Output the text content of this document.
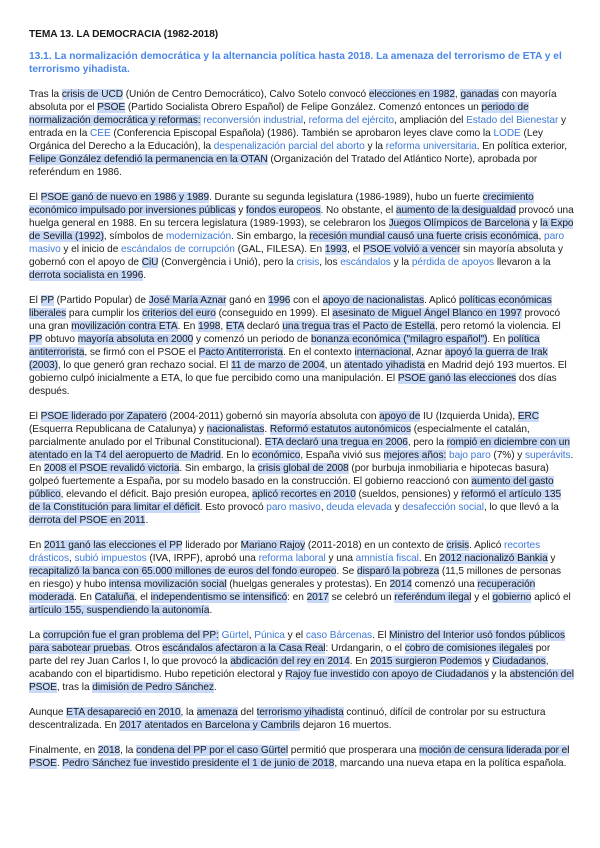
TEMA 13. LA DEMOCRACIA (1982-2018)
13.1. La normalización democrática y la alternancia política hasta 2018. La amenaza del terrorismo de ETA y el terrorismo yihadista.

Tras la crisis de UCD (Unión de Centro Democrático), Calvo Sotelo convocó elecciones en 1982, ganadas con mayoría absoluta por el PSOE (Partido Socialista Obrero Español) de Felipe González. Comenzó entonces un periodo de normalización democrática y reformas: reconversión industrial, reforma del ejército, ampliación del Estado del Bienestar y entrada en la CEE (Conferencia Episcopal Española) (1986). También se aprobaron leyes clave como la LODE (Ley Orgánica del Derecho a la Educación), la despenalización parcial del aborto y la reforma universitaria. En política exterior, Felipe González defendió la permanencia en la OTAN (Organización del Tratado del Atlántico Norte), aprobada por referéndum en 1986.

El PSOE ganó de nuevo en 1986 y 1989. Durante su segunda legislatura (1986-1989), hubo un fuerte crecimiento económico impulsado por inversiones públicas y fondos europeos. No obstante, el aumento de la desigualdad provocó una huelga general en 1988. En su tercera legislatura (1989-1993), se celebraron los Juegos Olímpicos de Barcelona y la Expo de Sevilla (1992), símbolos de modernización. Sin embargo, la recesión mundial causó una fuerte crisis económica, paro masivo y el inicio de escándalos de corrupción (GAL, FILESA). En 1993, el PSOE volvió a vencer sin mayoría absoluta y gobernó con el apoyo de CiU (Convergència i Unió), pero la crisis, los escándalos y la pérdida de apoyos llevaron a la derrota socialista en 1996.

El PP (Partido Popular) de José María Aznar ganó en 1996 con el apoyo de nacionalistas. Aplicó políticas económicas liberales para cumplir los criterios del euro (conseguido en 1999). El asesinato de Miguel Ángel Blanco en 1997 provocó una gran movilización contra ETA. En 1998, ETA declaró una tregua tras el Pacto de Estella, pero retomó la violencia. El PP obtuvo mayoría absoluta en 2000 y comenzó un periodo de bonanza económica ("milagro español"). En política antiterrorista, se firmó con el PSOE el Pacto Antiterrorista. En el contexto internacional, Aznar apoyó la guerra de Irak (2003), lo que generó gran rechazo social. El 11 de marzo de 2004, un atentado yihadista en Madrid dejó 193 muertos. El gobierno culpó inicialmente a ETA, lo que fue percibido como una manipulación. El PSOE ganó las elecciones dos días después.

El PSOE liderado por Zapatero (2004-2011) gobernó sin mayoría absoluta con apoyo de IU (Izquierda Unida), ERC (Esquerra Republicana de Catalunya) y nacionalistas. Reformó estatutos autonómicos (especialmente el catalán, parcialmente anulado por el Tribunal Constitucional). ETA declaró una tregua en 2006, pero la rompió en diciembre con un atentado en la T4 del aeropuerto de Madrid. En lo económico, España vivió sus mejores años: bajo paro (7%) y superávits. En 2008 el PSOE revalidó victoria. Sin embargo, la crisis global de 2008 (por burbuja inmobiliaria e hipotecas basura) golpeó fuertemente a España, por su modelo basado en la construcción. El gobierno reaccionó con aumento del gasto público, elevando el déficit. Bajo presión europea, aplicó recortes en 2010 (sueldos, pensiones) y reformó el artículo 135 de la Constitución para limitar el déficit. Esto provocó paro masivo, deuda elevada y desafección social, lo que llevó a la derrota del PSOE en 2011.

En 2011 ganó las elecciones el PP liderado por Mariano Rajoy (2011-2018) en un contexto de crisis. Aplicó recortes drásticos, subió impuestos (IVA, IRPF), aprobó una reforma laboral y una amnistía fiscal. En 2012 nacionalizó Bankia y recapitalizó la banca con 65.000 millones de euros del fondo europeo. Se disparó la pobreza (11,5 millones de personas en riesgo) y hubo intensa movilización social (huelgas generales y protestas). En 2014 comenzó una recuperación moderada. En Cataluña, el independentismo se intensificó: en 2017 se celebró un referéndum ilegal y el gobierno aplicó el artículo 155, suspendiendo la autonomía.

La corrupción fue el gran problema del PP: Gürtel, Púnica y el caso Bárcenas. El Ministro del Interior usó fondos públicos para sabotear pruebas. Otros escándalos afectaron a la Casa Real: Urdangarin, o el cobro de comisiones ilegales por parte del rey Juan Carlos I, lo que provocó la abdicación del rey en 2014. En 2015 surgieron Podemos y Ciudadanos, acabando con el bipartidismo. Hubo repetición electoral y Rajoy fue investido con apoyo de Ciudadanos y la abstención del PSOE, tras la dimisión de Pedro Sánchez.

Aunque ETA desapareció en 2010, la amenaza del terrorismo yihadista continuó, difícil de controlar por su estructura descentralizada. En 2017 atentados en Barcelona y Cambrils dejaron 16 muertos.

Finalmente, en 2018, la condena del PP por el caso Gürtel permitió que prosperara una moción de censura liderada por el PSOE. Pedro Sánchez fue investido presidente el 1 de junio de 2018, marcando una nueva etapa en la política española.
